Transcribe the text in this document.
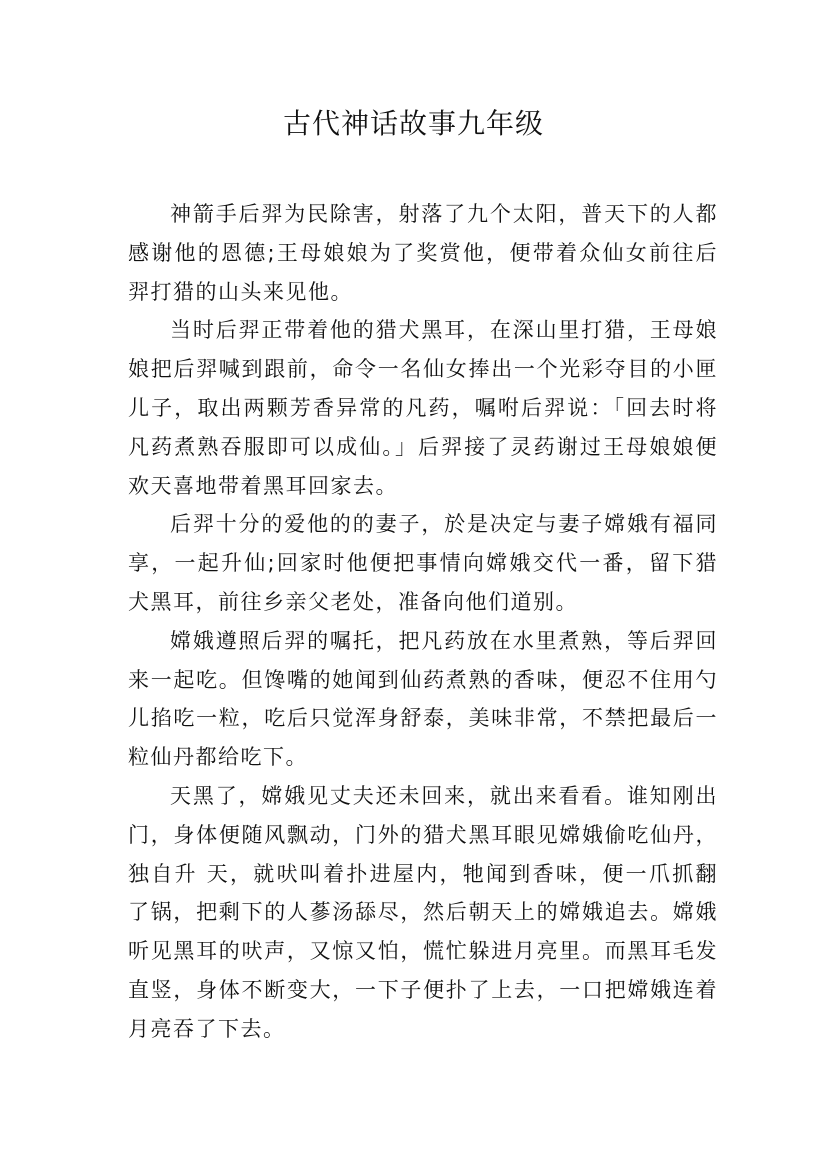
古代神话故事九年级

神箭手后羿为民除害，射落了九个太阳，普天下的人都感谢他的恩德;王母娘娘为了奖赏他，便带着众仙女前往后羿打猎的山头来见他。

当时后羿正带着他的猎犬黑耳，在深山里打猎，王母娘娘把后羿喊到跟前，命令一名仙女捧出一个光彩夺目的小匣儿子，取出两颗芳香异常的凡药，嘱咐后羿说：「回去时将凡药煮熟吞服即可以成仙。」后羿接了灵药谢过王母娘娘便欢天喜地带着黑耳回家去。

后羿十分的爱他的的妻子，於是决定与妻子嫦娥有福同享，一起升仙;回家时他便把事情向嫦娥交代一番，留下猎犬黑耳，前往乡亲父老处，准备向他们道别。

嫦娥遵照后羿的嘱托，把凡药放在水里煮熟，等后羿回来一起吃。但馋嘴的她闻到仙药煮熟的香味，便忍不住用勺儿掐吃一粒，吃后只觉浑身舒泰，美味非常，不禁把最后一粒仙丹都给吃下。

天黑了，嫦娥见丈夫还未回来，就出来看看。谁知刚出门，身体便随风飘动，门外的猎犬黑耳眼见嫦娥偷吃仙丹，独自升 天，就吠叫着扑进屋内，牠闻到香味，便一爪抓翻了锅，把剩下的人蔘汤舔尽，然后朝天上的嫦娥追去。嫦娥听见黑耳的吠声，又惊又怕，慌忙躲进月亮里。而黑耳毛发直竖，身体不断变大，一下子便扑了上去，一口把嫦娥连着月亮吞了下去。
